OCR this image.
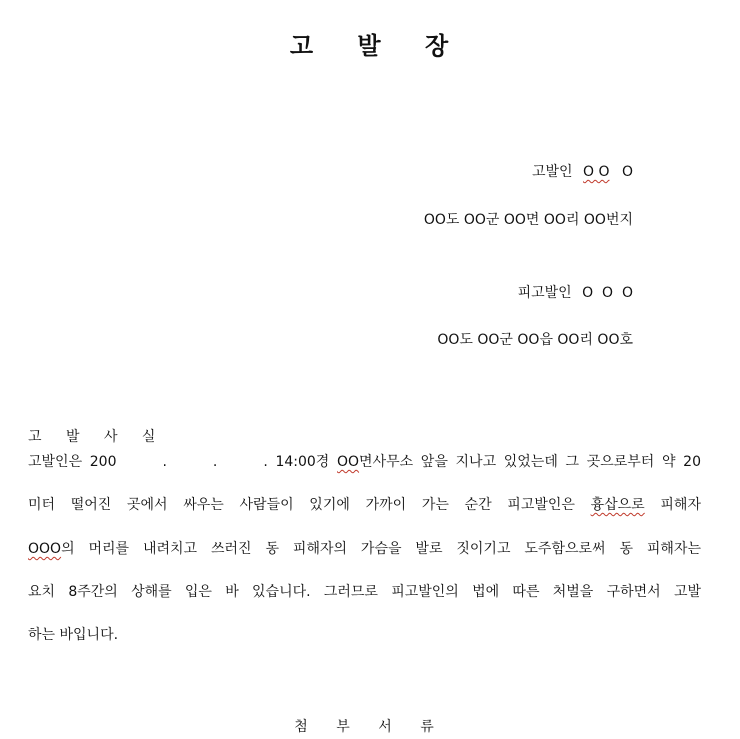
고 발 장
고발인 O O O
OO도 OO군 OO면 OO리 OO번지
피고발인 O  O  O
OO도 OO군 OO읍 OO리 OO호
고 발 사 실
고발인은 200      .      .      . 14:00경 OO면사무소 앞을 지나고 있었는데 그 곳으로부터 약 20
미터 떨어진 곳에서 싸우는 사람들이 있기에 가까이 가는 순간 피고발인은 흉삽으로 피해자
OOO의 머리를 내려치고 쓰러진 동 피해자의 가슴을 발로 짓이기고 도주함으로써 동 피해자는
요치 8주간의 상해를 입은 바 있습니다. 그러므로 피고발인의 법에 따른 처벌을 구하면서 고발
하는 바입니다.
첨 부 서 류
